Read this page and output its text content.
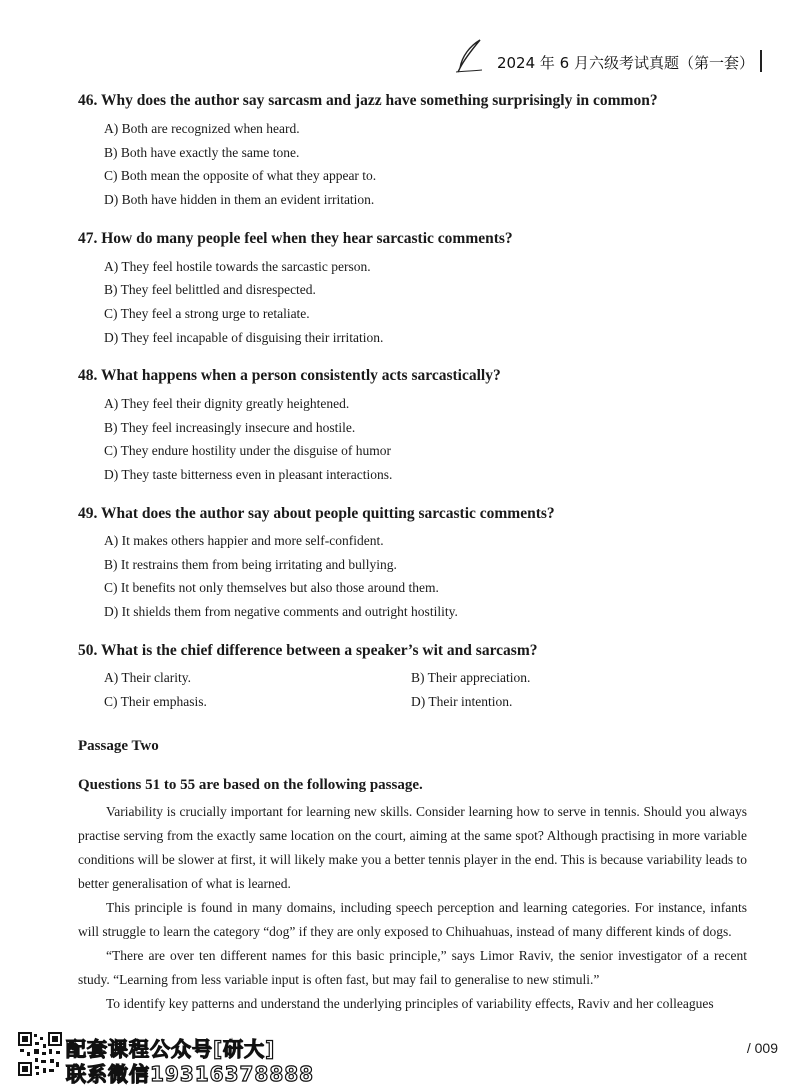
2024 年 6 月六级考试真题（第一套）
46. Why does the author say sarcasm and jazz have something surprisingly in common?
A) Both are recognized when heard.
B) Both have exactly the same tone.
C) Both mean the opposite of what they appear to.
D) Both have hidden in them an evident irritation.
47. How do many people feel when they hear sarcastic comments?
A) They feel hostile towards the sarcastic person.
B) They feel belittled and disrespected.
C) They feel a strong urge to retaliate.
D) They feel incapable of disguising their irritation.
48. What happens when a person consistently acts sarcastically?
A) They feel their dignity greatly heightened.
B) They feel increasingly insecure and hostile.
C) They endure hostility under the disguise of humor
D) They taste bitterness even in pleasant interactions.
49. What does the author say about people quitting sarcastic comments?
A) It makes others happier and more self-confident.
B) It restrains them from being irritating and bullying.
C) It benefits not only themselves but also those around them.
D) It shields them from negative comments and outright hostility.
50. What is the chief difference between a speaker’s wit and sarcasm?
A) Their clarity.	B) Their appreciation.
C) Their emphasis.	D) Their intention.
Passage Two
Questions 51 to 55 are based on the following passage.
Variability is crucially important for learning new skills. Consider learning how to serve in tennis. Should you always practise serving from the exactly same location on the court, aiming at the same spot? Although practising in more variable conditions will be slower at first, it will likely make you a better tennis player in the end. This is because variability leads to better generalisation of what is learned.
This principle is found in many domains, including speech perception and learning categories. For instance, infants will struggle to learn the category “dog” if they are only exposed to Chihuahuas, instead of many different kinds of dogs.
“There are over ten different names for this basic principle,” says Limor Raviv, the senior investigator of a recent study. “Learning from less variable input is often fast, but may fail to generalise to new stimuli.”
To identify key patterns and understand the underlying principles of variability effects, Raviv and her colleagues
配套课程公众号[研大]
联系微信19316378888
/ 009
